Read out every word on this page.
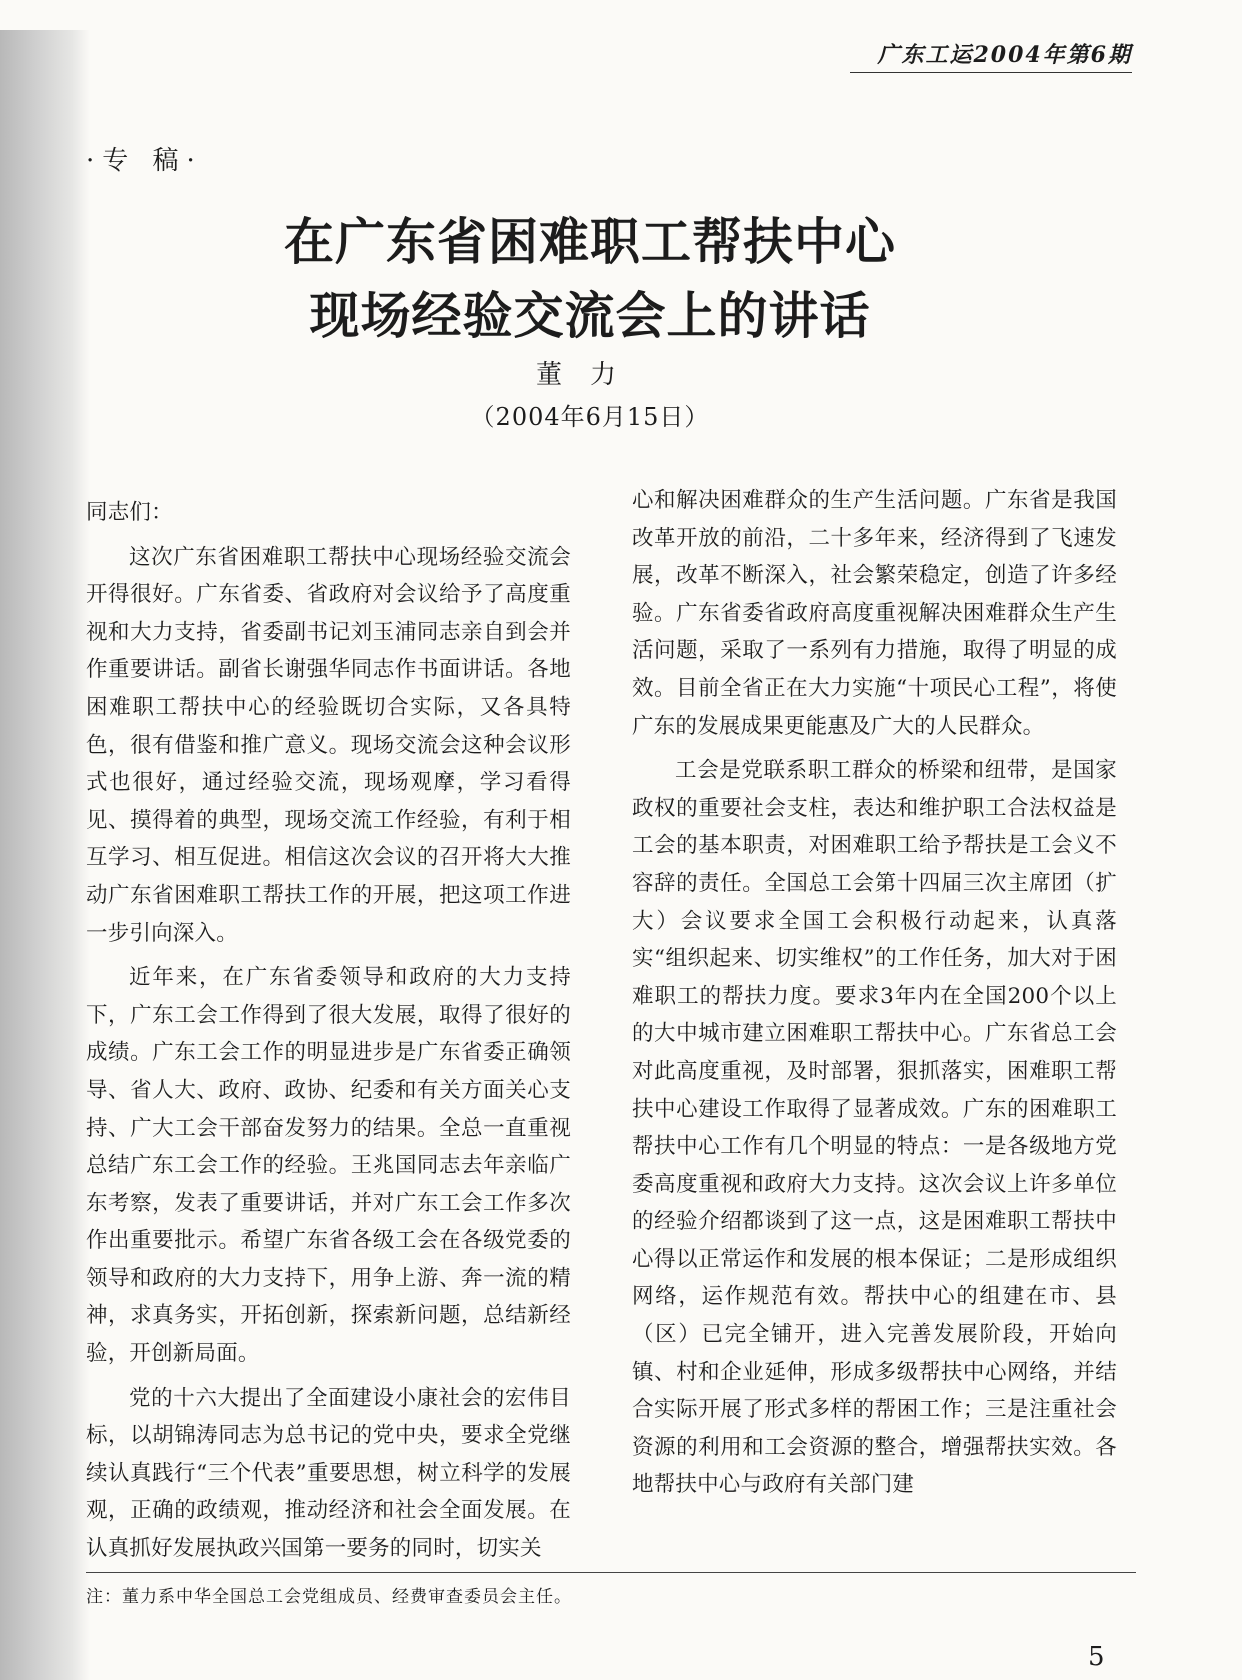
广东工运2004年第6期
·专 稿·
在广东省困难职工帮扶中心
现场经验交流会上的讲话
董力
（2004年6月15日）

同志们：

这次广东省困难职工帮扶中心现场经验交流会开得很好。广东省委、省政府对会议给予了高度重视和大力支持，省委副书记刘玉浦同志亲自到会并作重要讲话。副省长谢强华同志作书面讲话。各地困难职工帮扶中心的经验既切合实际，又各具特色，很有借鉴和推广意义。现场交流会这种会议形式也很好，通过经验交流，现场观摩，学习看得见、摸得着的典型，现场交流工作经验，有利于相互学习、相互促进。相信这次会议的召开将大大推动广东省困难职工帮扶工作的开展，把这项工作进一步引向深入。

近年来，在广东省委领导和政府的大力支持下，广东工会工作得到了很大发展，取得了很好的成绩。广东工会工作的明显进步是广东省委正确领导、省人大、政府、政协、纪委和有关方面关心支持、广大工会干部奋发努力的结果。全总一直重视总结广东工会工作的经验。王兆国同志去年亲临广东考察，发表了重要讲话，并对广东工会工作多次作出重要批示。希望广东省各级工会在各级党委的领导和政府的大力支持下，用争上游、奔一流的精神，求真务实，开拓创新，探索新问题，总结新经验，开创新局面。

党的十六大提出了全面建设小康社会的宏伟目标，以胡锦涛同志为总书记的党中央，要求全党继续认真践行“三个代表”重要思想，树立科学的发展观，正确的政绩观，推动经济和社会全面发展。在认真抓好发展执政兴国第一要务的同时，切实关

心和解决困难群众的生产生活问题。广东省是我国改革开放的前沿，二十多年来，经济得到了飞速发展，改革不断深入，社会繁荣稳定，创造了许多经验。广东省委省政府高度重视解决困难群众生产生活问题，采取了一系列有力措施，取得了明显的成效。目前全省正在大力实施“十项民心工程”，将使广东的发展成果更能惠及广大的人民群众。

工会是党联系职工群众的桥梁和纽带，是国家政权的重要社会支柱，表达和维护职工合法权益是工会的基本职责，对困难职工给予帮扶是工会义不容辞的责任。全国总工会第十四届三次主席团（扩大）会议要求全国工会积极行动起来，认真落实“组织起来、切实维权”的工作任务，加大对于困难职工的帮扶力度。要求3年内在全国200个以上的大中城市建立困难职工帮扶中心。广东省总工会对此高度重视，及时部署，狠抓落实，困难职工帮扶中心建设工作取得了显著成效。广东的困难职工帮扶中心工作有几个明显的特点：一是各级地方党委高度重视和政府大力支持。这次会议上许多单位的经验介绍都谈到了这一点，这是困难职工帮扶中心得以正常运作和发展的根本保证；二是形成组织网络，运作规范有效。帮扶中心的组建在市、县（区）已完全铺开，进入完善发展阶段，开始向镇、村和企业延伸，形成多级帮扶中心网络，并结合实际开展了形式多样的帮困工作；三是注重社会资源的利用和工会资源的整合，增强帮扶实效。各地帮扶中心与政府有关部门建

注：董力系中华全国总工会党组成员、经费审查委员会主任。
5
